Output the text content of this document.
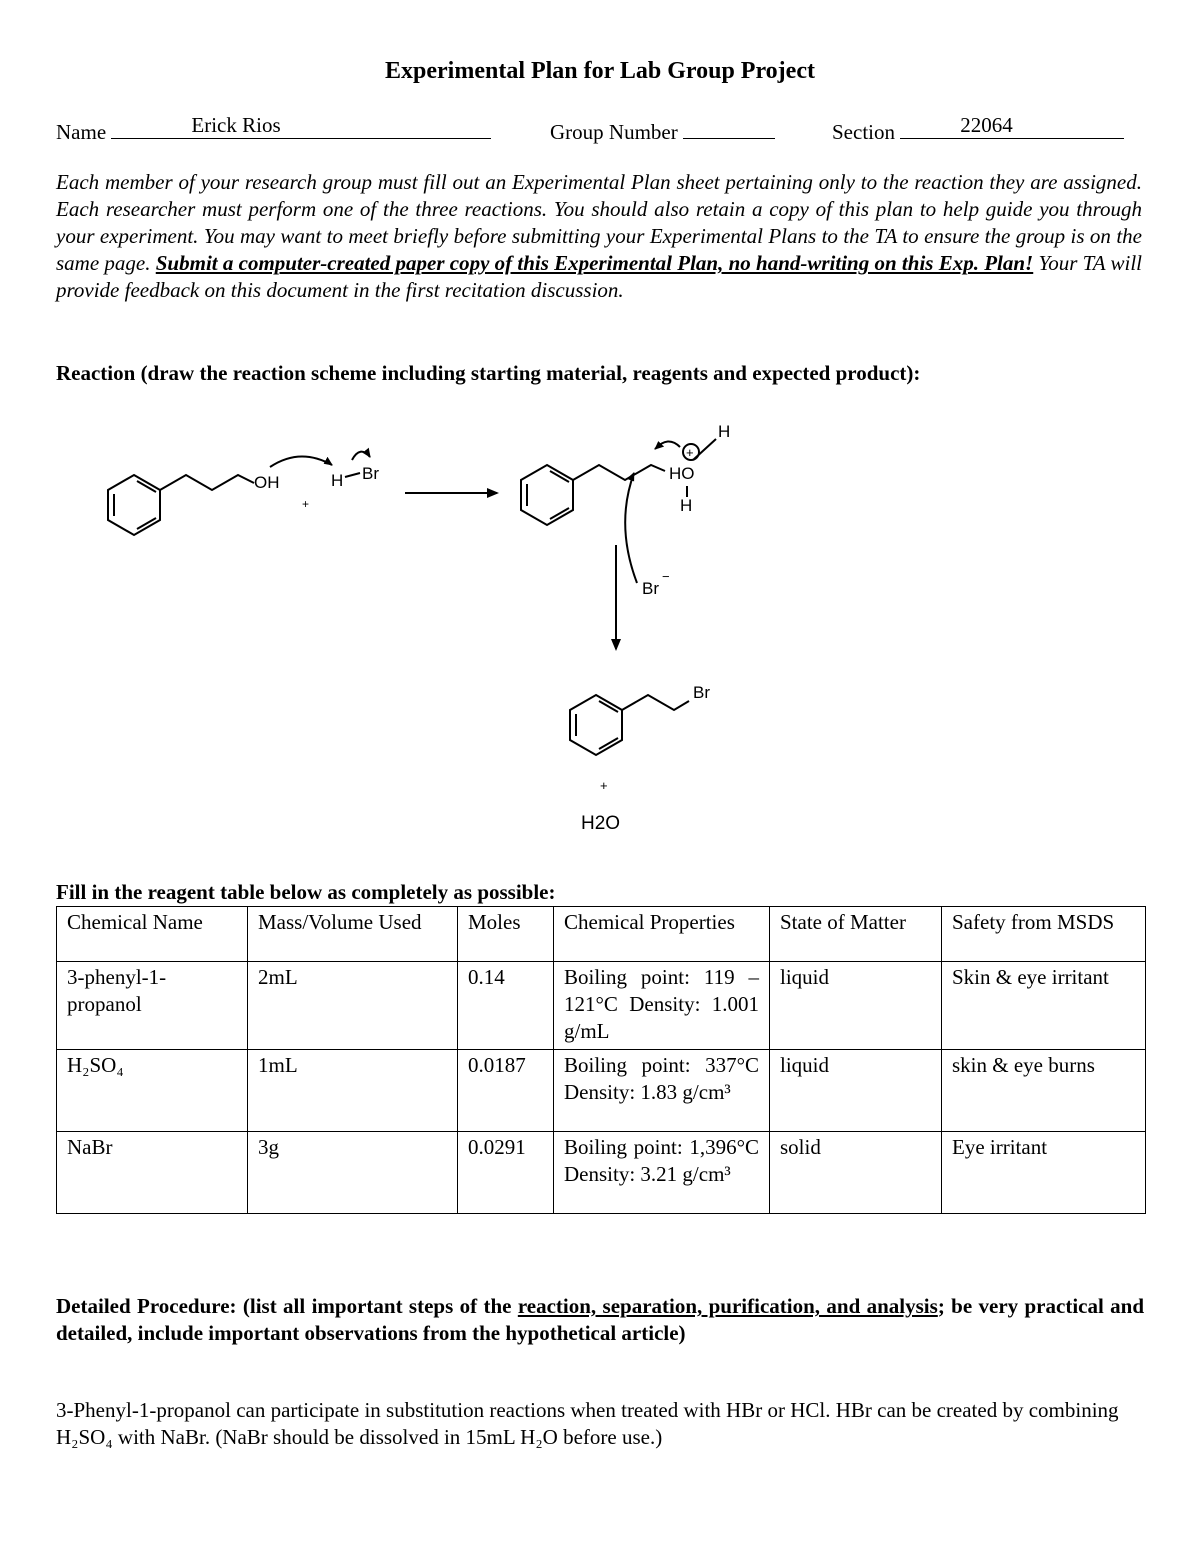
Experimental Plan for Lab Group Project
Name	Erick Rios	Group Number	Section	22064
Each member of your research group must fill out an Experimental Plan sheet pertaining only to the reaction they are assigned. Each researcher must perform one of the three reactions. You should also retain a copy of this plan to help guide you through your experiment. You may want to meet briefly before submitting your Experimental Plans to the TA to ensure the group is on the same page. Submit a computer-created paper copy of this Experimental Plan, no hand-writing on this Exp. Plan! Your TA will provide feedback on this document in the first recitation discussion.
Reaction (draw the reaction scheme including starting material, reagents and expected product):
OH	H Br
+
HO
+
H
H
Br
−
Br
+
H2O
Fill in the reagent table below as completely as possible:
Chemical Name	Mass/Volume Used	Moles	Chemical Properties	State of Matter	Safety from MSDS
3-phenyl-1-propanol	2mL	0.14	Boiling point: 119 – 121°C Density: 1.001 g/mL	liquid	Skin & eye irritant
H₂SO₄	1mL	0.0187	Boiling point: 337°C Density: 1.83 g/cm³	liquid	skin & eye burns
NaBr	3g	0.0291	Boiling point: 1,396°C Density: 3.21 g/cm³	solid	Eye irritant
Detailed Procedure: (list all important steps of the reaction, separation, purification, and analysis; be very practical and detailed, include important observations from the hypothetical article)
3-Phenyl-1-propanol can participate in substitution reactions when treated with HBr or HCl. HBr can be created by combining H₂SO₄ with NaBr. (NaBr should be dissolved in 15mL H₂O before use.)
